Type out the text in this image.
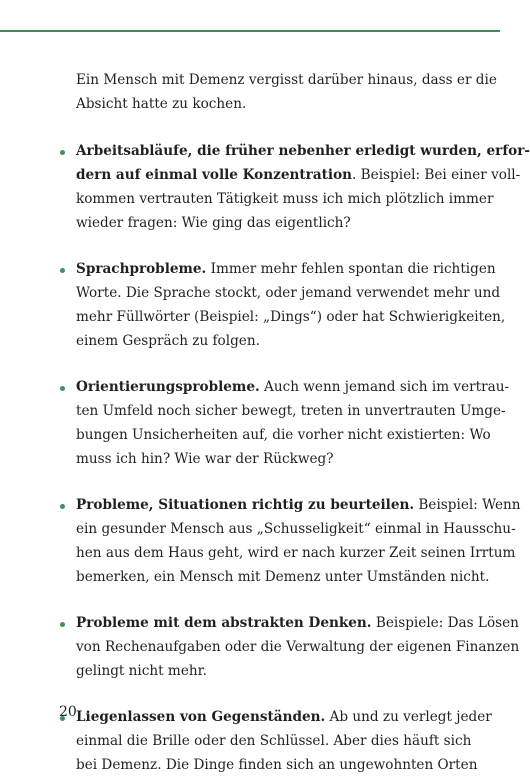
Ein Mensch mit Demenz vergisst darüber hinaus, dass er die
Absicht hatte zu kochen.

Arbeitsabläufe, die früher nebenher erledigt wurden, erfor-
dern auf einmal volle Konzentration. Beispiel: Bei einer voll-
kommen vertrauten Tätigkeit muss ich mich plötzlich immer
wieder fragen: Wie ging das eigentlich?
Sprachprobleme. Immer mehr fehlen spontan die richtigen
Worte. Die Sprache stockt, oder jemand verwendet mehr und
mehr Füllwörter (Beispiel: „Dings“) oder hat Schwierigkeiten,
einem Gespräch zu folgen.
Orientierungsprobleme. Auch wenn jemand sich im vertrau-
ten Umfeld noch sicher bewegt, treten in unvertrauten Umge-
bungen Unsicherheiten auf, die vorher nicht existierten: Wo
muss ich hin? Wie war der Rückweg?
Probleme, Situationen richtig zu beurteilen. Beispiel: Wenn
ein gesunder Mensch aus „Schusseligkeit“ einmal in Hausschu-
hen aus dem Haus geht, wird er nach kurzer Zeit seinen Irrtum
bemerken, ein Mensch mit Demenz unter Umständen nicht.
Probleme mit dem abstrakten Denken. Beispiele: Das Lösen
von Rechenaufgaben oder die Verwaltung der eigenen Finanzen
gelingt nicht mehr.
Liegenlassen von Gegenständen. Ab und zu verlegt jeder
einmal die Brille oder den Schlüssel. Aber dies häuft sich
bei Demenz. Die Dinge finden sich an ungewohnten Orten
20
